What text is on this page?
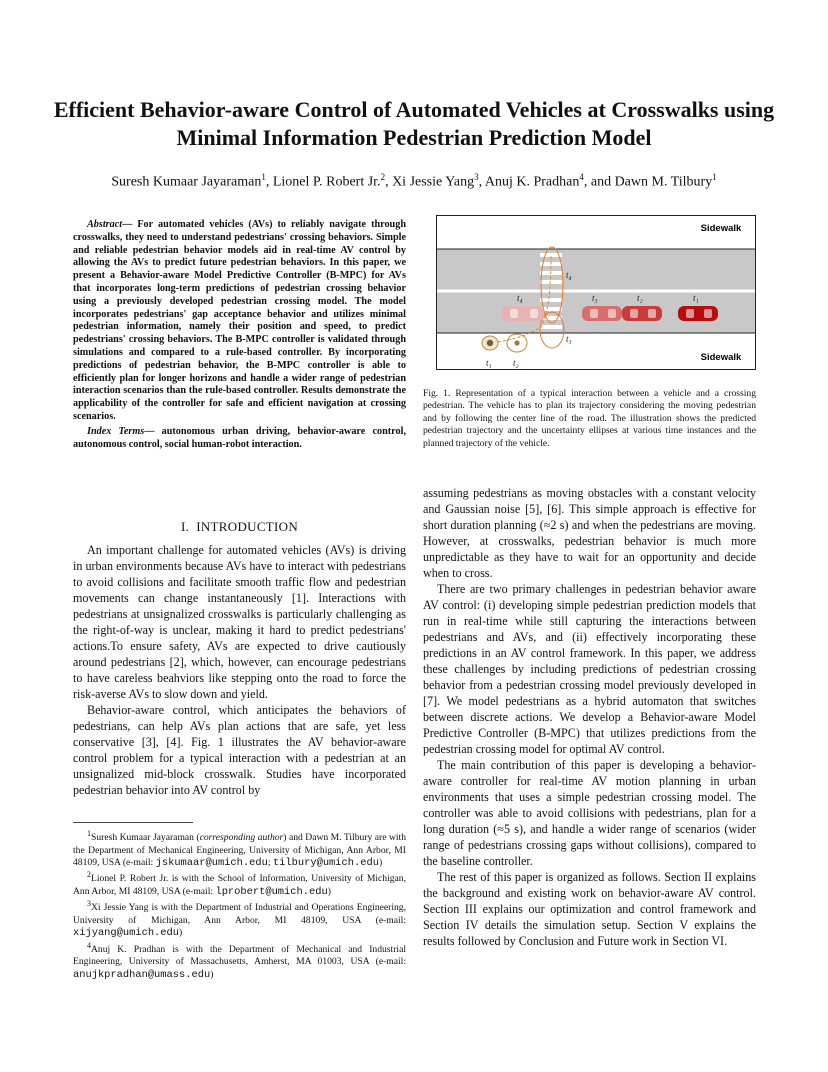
Efficient Behavior-aware Control of Automated Vehicles at Crosswalks using Minimal Information Pedestrian Prediction Model
Suresh Kumaar Jayaraman$^1$, Lionel P. Robert Jr.$^2$, Xi Jessie Yang$^3$, Anuj K. Pradhan$^4$, and Dawn M. Tilbury$^1$

Abstract— For automated vehicles (AVs) to reliably navigate through crosswalks, they need to understand pedestrians' crossing behaviors. Simple and reliable pedestrian behavior models aid in real-time AV control by allowing the AVs to predict future pedestrian behaviors. In this paper, we present a Behavior-aware Model Predictive Controller (B-MPC) for AVs that incorporates long-term predictions of pedestrian crossing behavior using a previously developed pedestrian crossing model. The model incorporates pedestrians' gap acceptance behavior and utilizes minimal pedestrian information, namely their position and speed, to predict pedestrians' crossing behaviors. The B-MPC controller is validated through simulations and compared to a rule-based controller. By incorporating predictions of pedestrian behavior, the B-MPC controller is able to efficiently plan for longer horizons and handle a wider range of pedestrian interaction scenarios than the rule-based controller. Results demonstrate the applicability of the controller for safe and efficient navigation at crossing scenarios.

Index Terms— autonomous urban driving, behavior-aware control, autonomous control, social human-robot interaction.

I. INTRODUCTION

An important challenge for automated vehicles (AVs) is driving in urban environments because AVs have to interact with pedestrians to avoid collisions and facilitate smooth traffic flow and pedestrian movements can change instantaneously [1]. Interactions with pedestrians at unsignalized crosswalks is particularly challenging as the right-of-way is unclear, making it hard to predict pedestrians' actions.To ensure safety, AVs are expected to drive cautiously around pedestrians [2], which, however, can encourage pedestrians to have careless beahviors like stepping onto the road to force the risk-averse AVs to slow down and yield.

Behavior-aware control, which anticipates the behaviors of pedestrians, can help AVs plan actions that are safe, yet less conservative [3], [4]. Fig. 1 illustrates the AV behavior-aware control problem for a typical interaction with a pedestrian at an unsignalized mid-block crosswalk. Studies have incorporated pedestrian behavior into AV control by

$^1$Suresh Kumaar Jayaraman (corresponding author) and Dawn M. Tilbury are with the Department of Mechanical Engineering, University of Michigan, Ann Arbor, MI 48109, USA (e-mail: jskumaar@umich.edu; tilbury@umich.edu)

$^2$Lionel P. Robert Jr. is with the School of Information, University of Michigan, Ann Arbor, MI 48109, USA (e-mail: lprobert@umich.edu)

$^3$Xi Jessie Yang is with the Department of Industrial and Operations Engineering, University of Michigan, Ann Arbor, MI 48109, USA (e-mail: xijyang@umich.edu)

$^4$Anuj K. Pradhan is with the Department of Mechanical and Industrial Engineering, University of Massachusetts, Amherst, MA 01003, USA (e-mail: anujkpradhan@umass.edu)

Sidewalk
Sidewalk
t₁ t₂
t₃
t₄
t₄	t₃	t₂	t₁
Fig. 1. Representation of a typical interaction between a vehicle and a crossing pedestrian. The vehicle has to plan its trajectory considering the moving pedestrian and by following the center line of the road. The illustration shows the predicted pedestrian trajectory and the uncertainty ellipses at various time instances and the planned trajectory of the vehicle.

assuming pedestrians as moving obstacles with a constant velocity and Gaussian noise [5], [6]. This simple approach is effective for short duration planning (≈2 s) and when the pedestrians are moving. However, at crosswalks, pedestrian behavior is much more unpredictable as they have to wait for an opportunity and decide when to cross.

There are two primary challenges in pedestrian behavior aware AV control: (i) developing simple pedestrian prediction models that run in real-time while still capturing the interactions between pedestrians and AVs, and (ii) effectively incorporating these predictions in an AV control framework. In this paper, we address these challenges by including predictions of pedestrian crossing behavior from a pedestrian crossing model previously developed in [7]. We model pedestrians as a hybrid automaton that switches between discrete actions. We develop a Behavior-aware Model Predictive Controller (B-MPC) that utilizes predictions from the pedestrian crossing model for optimal AV control.

The main contribution of this paper is developing a behavior-aware controller for real-time AV motion planning in urban environments that uses a simple pedestrian crossing model. The controller was able to avoid collisions with pedestrians, plan for a long duration (≈5 s), and handle a wider range of scenarios (wider range of pedestrians crossing gaps without collisions), compared to the baseline controller.

The rest of this paper is organized as follows. Section II explains the background and existing work on behavior-aware AV control. Section III explains our optimization and control framework and Section IV details the simulation setup. Section V explains the results followed by Conclusion and Future work in Section VI.
